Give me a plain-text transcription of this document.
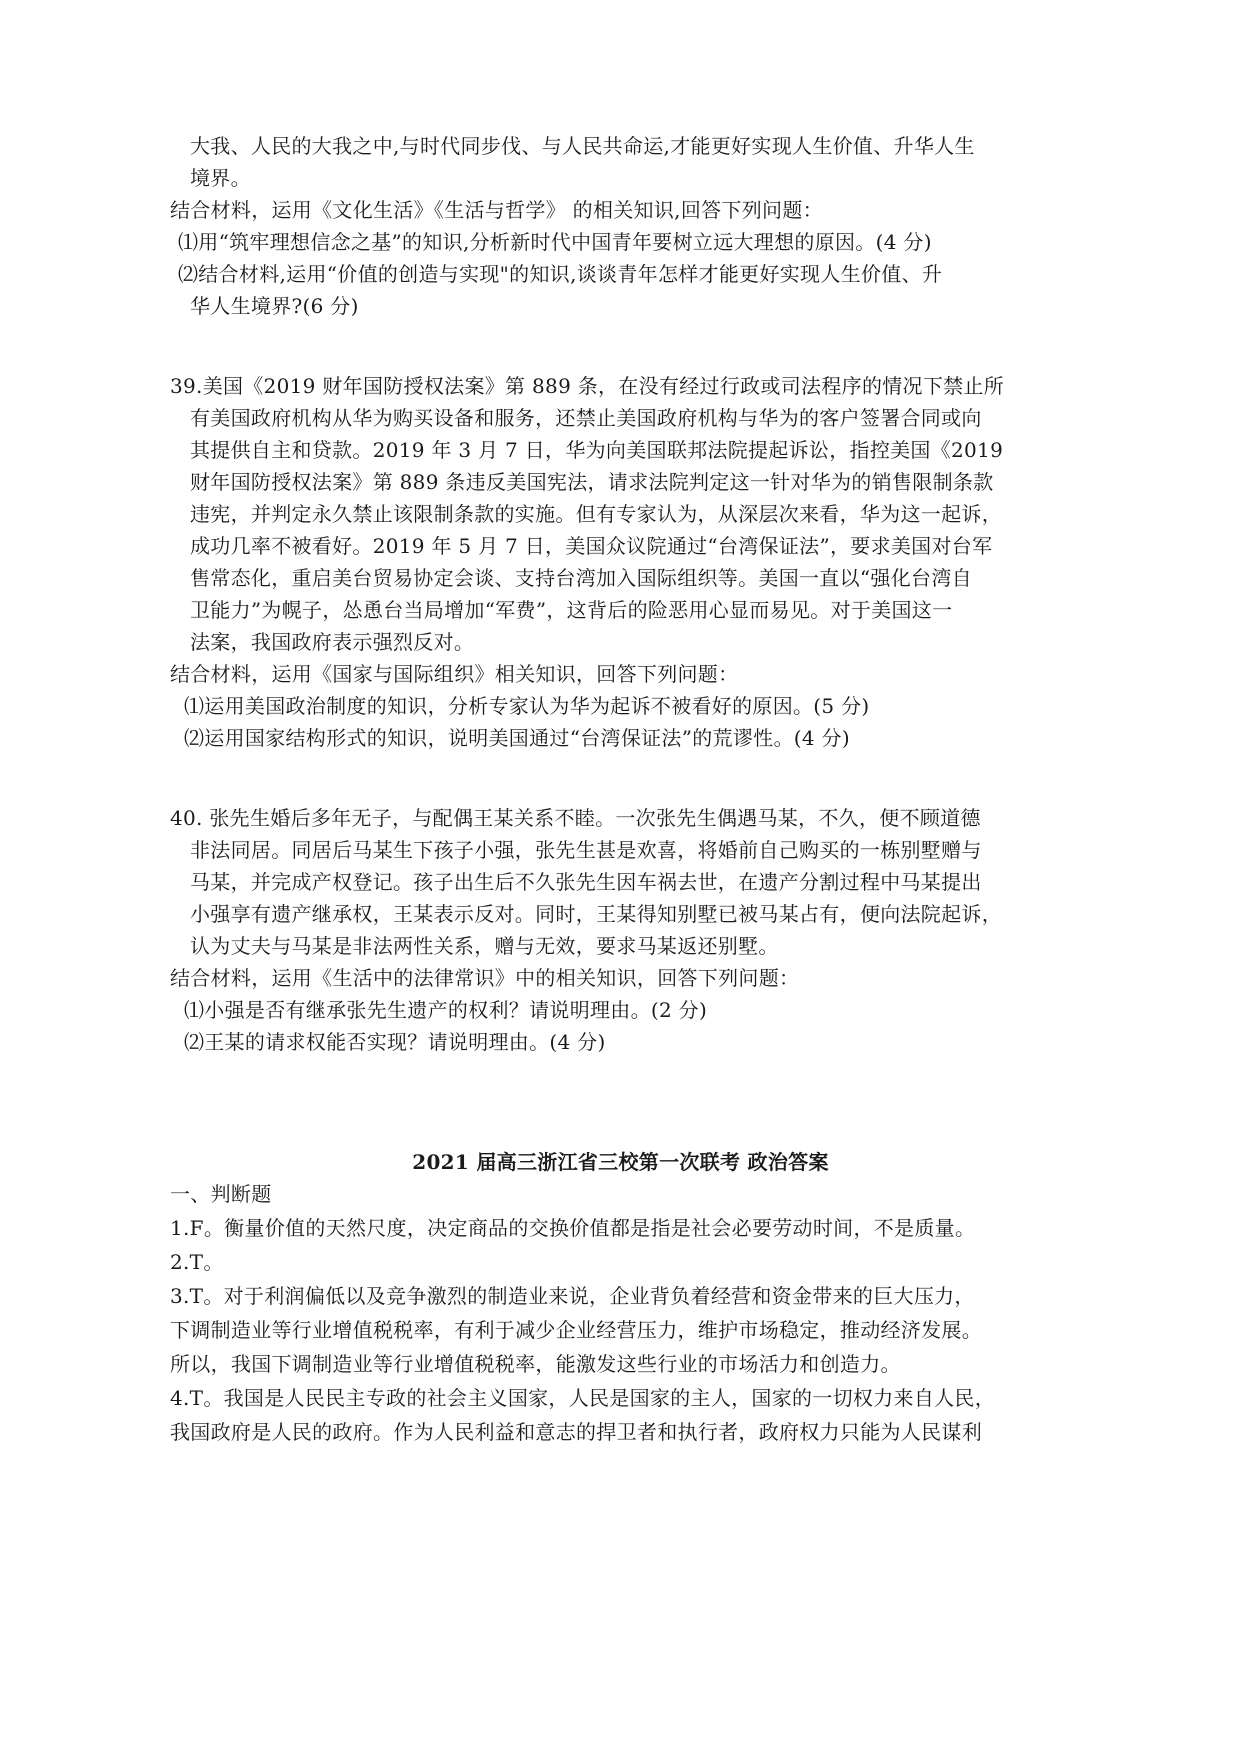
大我、人民的大我之中,与时代同步伐、与人民共命运,才能更好实现人生价值、升华人生
境界。
结合材料，运用《文化生活》《生活与哲学》 的相关知识,回答下列问题：
⑴用“筑牢理想信念之基”的知识,分析新时代中国青年要树立远大理想的原因。(4 分)
⑵结合材料,运用“价值的创造与实现"的知识,谈谈青年怎样才能更好实现人生价值、升
华人生境界?(6 分)
39.美国《2019 财年国防授权法案》第 889 条，在没有经过行政或司法程序的情况下禁止所
有美国政府机构从华为购买设备和服务，还禁止美国政府机构与华为的客户签署合同或向
其提供自主和贷款。2019 年 3 月 7 日，华为向美国联邦法院提起诉讼，指控美国《2019
财年国防授权法案》第 889 条违反美国宪法，请求法院判定这一针对华为的销售限制条款
违宪，并判定永久禁止该限制条款的实施。但有专家认为，从深层次来看，华为这一起诉，
成功几率不被看好。2019 年 5 月 7 日，美国众议院通过“台湾保证法”，要求美国对台军
售常态化，重启美台贸易协定会谈、支持台湾加入国际组织等。美国一直以“强化台湾自
卫能力”为幌子，怂恿台当局增加“军费”，这背后的险恶用心显而易见。对于美国这一
法案，我国政府表示强烈反对。
结合材料，运用《国家与国际组织》相关知识，回答下列问题：
⑴运用美国政治制度的知识，分析专家认为华为起诉不被看好的原因。(5 分)
⑵运用国家结构形式的知识，说明美国通过“台湾保证法”的荒谬性。(4 分)
40. 张先生婚后多年无子，与配偶王某关系不睦。一次张先生偶遇马某，不久，便不顾道德
非法同居。同居后马某生下孩子小强，张先生甚是欢喜，将婚前自己购买的一栋别墅赠与
马某，并完成产权登记。孩子出生后不久张先生因车祸去世，在遗产分割过程中马某提出
小强享有遗产继承权，王某表示反对。同时，王某得知别墅已被马某占有，便向法院起诉，
认为丈夫与马某是非法两性关系，赠与无效，要求马某返还别墅。
结合材料，运用《生活中的法律常识》中的相关知识，回答下列问题：
⑴小强是否有继承张先生遗产的权利？请说明理由。(2 分)
⑵王某的请求权能否实现？请说明理由。(4 分)
2021 届高三浙江省三校第一次联考 政治答案
一、判断题
1.F。衡量价值的天然尺度，决定商品的交换价值都是指是社会必要劳动时间，不是质量。
2.T。
3.T。对于利润偏低以及竞争激烈的制造业来说，企业背负着经营和资金带来的巨大压力，
下调制造业等行业增值税税率，有利于减少企业经营压力，维护市场稳定，推动经济发展。
所以，我国下调制造业等行业增值税税率，能激发这些行业的市场活力和创造力。
4.T。我国是人民民主专政的社会主义国家，人民是国家的主人，国家的一切权力来自人民，
我国政府是人民的政府。作为人民利益和意志的捍卫者和执行者，政府权力只能为人民谋利
